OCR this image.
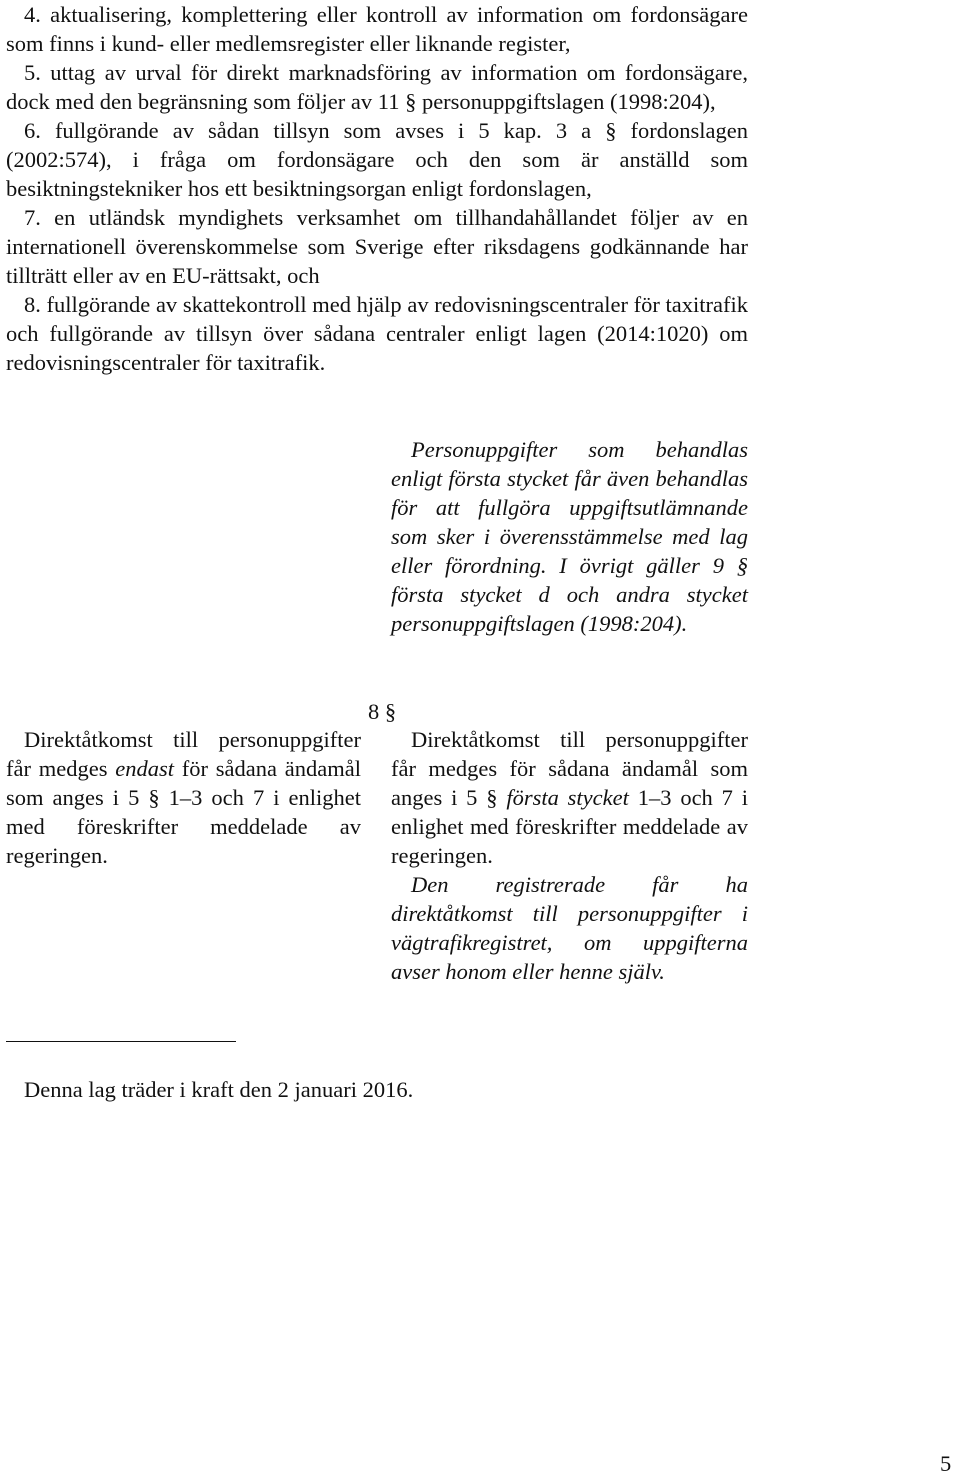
4. aktualisering, komplettering eller kontroll av information om fordonsägare som finns i kund- eller medlemsregister eller liknande register,

5. uttag av urval för direkt marknadsföring av information om fordonsägare, dock med den begränsning som följer av 11 § personuppgiftslagen (1998:204),

6. fullgörande av sådan tillsyn som avses i 5 kap. 3 a § fordonslagen (2002:574), i fråga om fordonsägare och den som är anställd som besiktningstekniker hos ett besiktningsorgan enligt fordonslagen,

7. en utländsk myndighets verksamhet om tillhandahållandet följer av en internationell överenskommelse som Sverige efter riksdagens godkännande har tillträtt eller av en EU-rättsakt, och

8. fullgörande av skattekontroll med hjälp av redovisningscentraler för taxitrafik och fullgörande av tillsyn över sådana centraler enligt lagen (2014:1020) om redovisningscentraler för taxitrafik.

Personuppgifter som behandlas enligt första stycket får även behandlas för att fullgöra uppgiftsutlämnande som sker i överensstämmelse med lag eller förordning. I övrigt gäller 9 § första stycket d och andra stycket personuppgiftslagen (1998:204).

8 §

Direktåtkomst till personuppgifter får medges endast för sådana ändamål som anges i 5 § 1–3 och 7 i enlighet med föreskrifter meddelade av regeringen.

Direktåtkomst till personuppgifter får medges för sådana ändamål som anges i 5 § första stycket 1–3 och 7 i enlighet med föreskrifter meddelade av regeringen.

Den registrerade får ha direktåtkomst till personuppgifter i vägtrafikregistret, om uppgifterna avser honom eller henne själv.

Denna lag träder i kraft den 2 januari 2016.
5
